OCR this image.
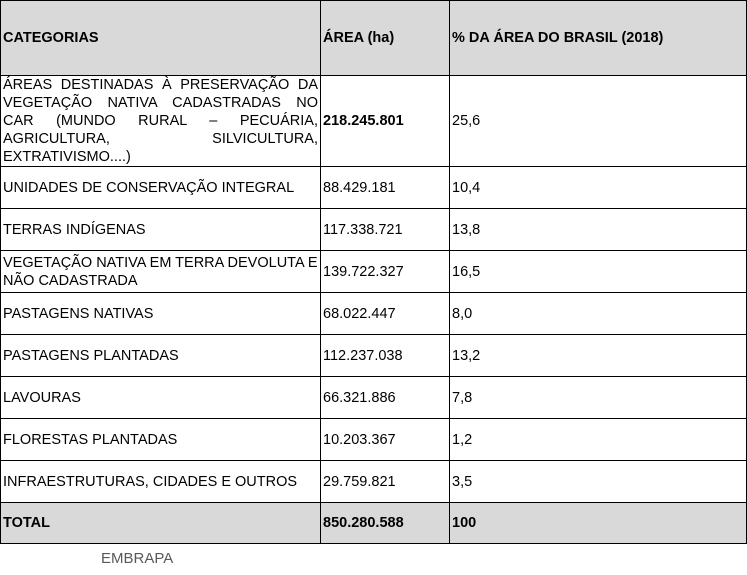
CATEGORIAS	ÁREA (ha)	% DA ÁREA DO BRASIL (2018)
ÁREAS DESTINADAS À PRESERVAÇÃO DA VEGETAÇÃO NATIVA CADASTRADAS NO CAR (MUNDO RURAL – PECUÁRIA, AGRICULTURA, SILVICULTURA, EXTRATIVISMO....)	218.245.801	25,6
UNIDADES DE CONSERVAÇÃO INTEGRAL	88.429.181	10,4
TERRAS INDÍGENAS	117.338.721	13,8
VEGETAÇÃO NATIVA EM TERRA DEVOLUTA E NÃO CADASTRADA	139.722.327	16,5
PASTAGENS NATIVAS	68.022.447	8,0
PASTAGENS PLANTADAS	112.237.038	13,2
LAVOURAS	66.321.886	7,8
FLORESTAS PLANTADAS	10.203.367	1,2
INFRAESTRUTURAS, CIDADES E OUTROS	29.759.821	3,5
TOTAL	850.280.588	100
EMBRAPA
